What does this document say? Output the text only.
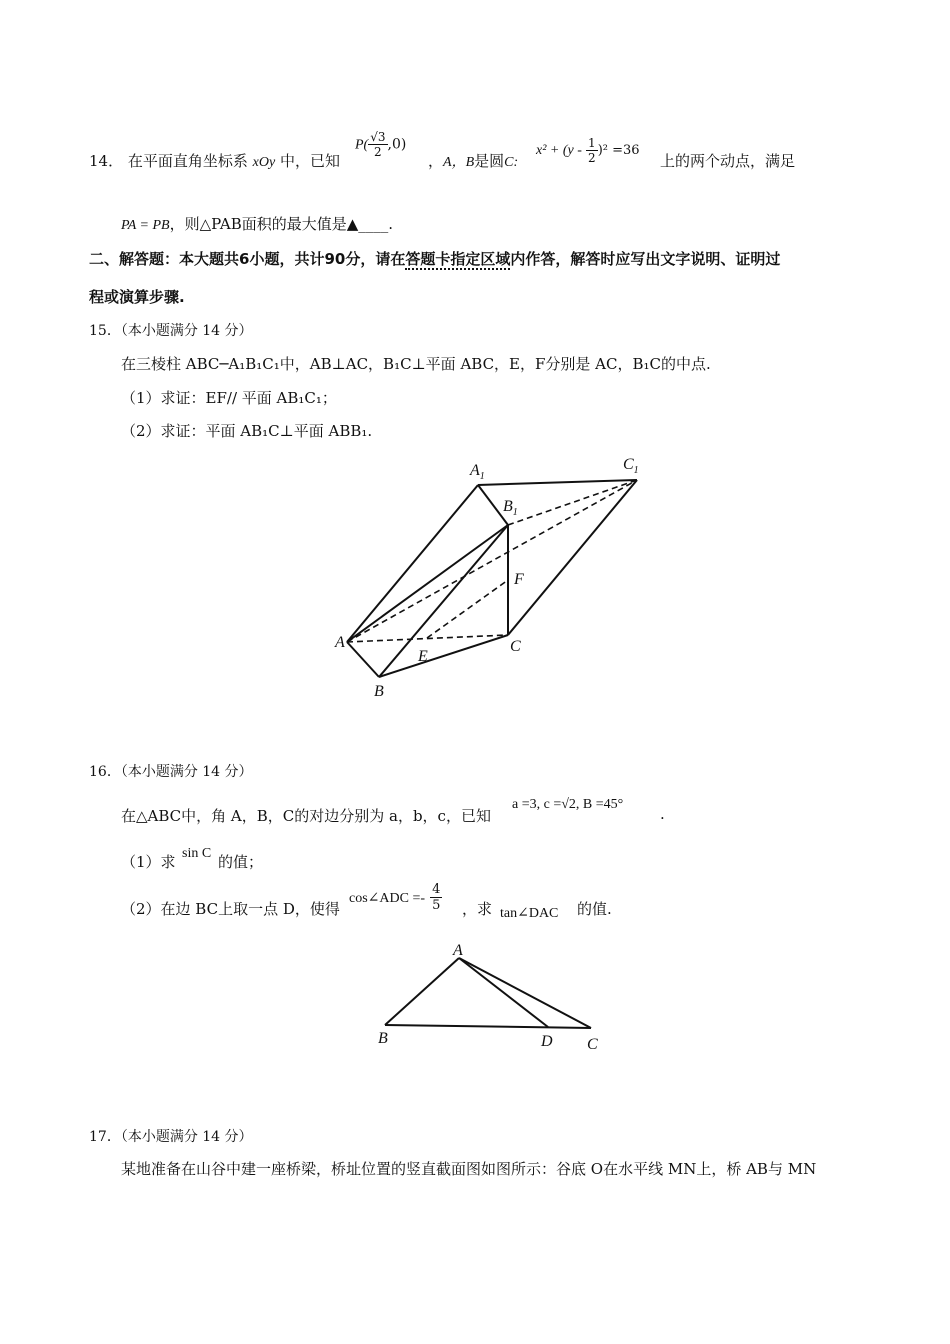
14． 在平面直角坐标系 xOy 中，已知
$P( \frac{√3}{2} ,0)$
，A，B是圆C:
$x^2 + (y - \frac{1}{2} )^2 =36$
上的两个动点，满足
PA = PB，则△PAB面积的最大值是▲____.
二、解答题：本大题共6小题，共计90分，请在答题卡指定区域内作答，解答时应写出文字说明、证明过
程或演算步骤.
15．（本小题满分 14 分）
在三棱柱 ABC─A₁B₁C₁中，AB⊥AC，B₁C⊥平面 ABC，E，F分别是 AC，B₁C的中点.
（1）求证：EF// 平面 AB₁C₁；
（2）求证：平面 AB₁C⊥平面 ABB₁.
$A_1$
$B_1$
$C_1$
F
A
E
C
B
16．（本小题满分 14 分）
在△ABC中，角 A，B，C的对边分别为 a，b，c，已知
a =3, c =√2, B =45°
.
（1）求 sin C 的值；
（2）在边 BC上取一点 D，使得
cos∠ADC =- $\frac{4}{5}$ ，求 tan∠DAC 的值.
A
B	D C
17．（本小题满分 14 分）
某地准备在山谷中建一座桥梁，桥址位置的竖直截面图如图所示：谷底 O在水平线 MN上，桥 AB与 MN
